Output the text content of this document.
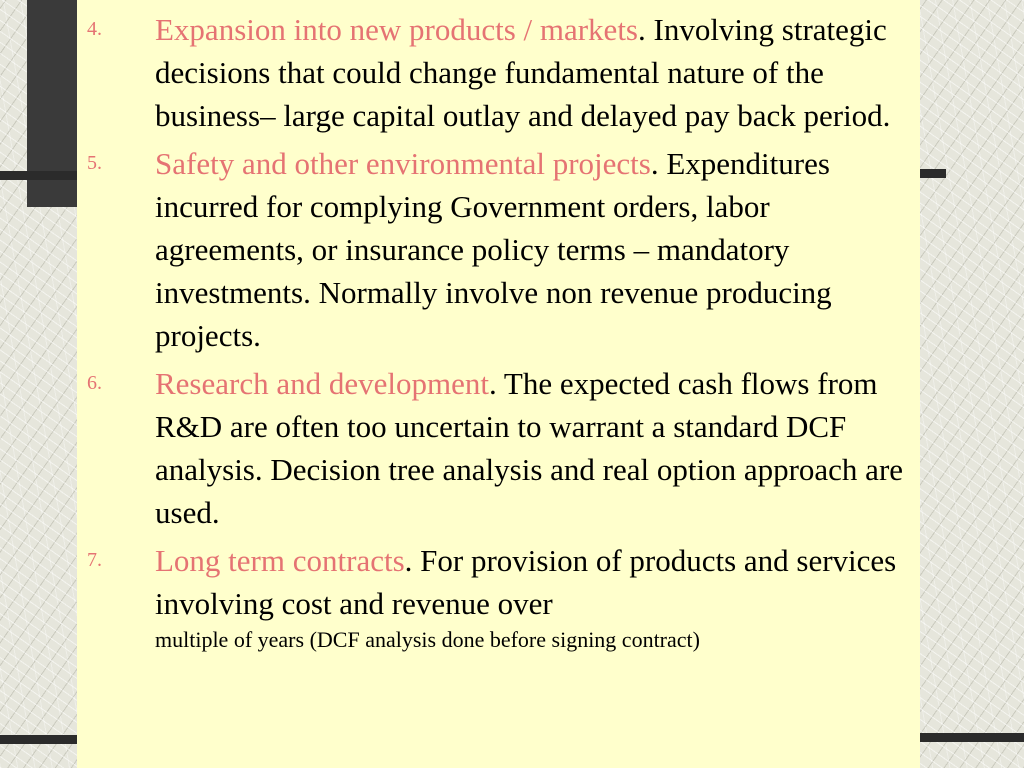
4. Expansion into new products / markets. Involving strategic decisions that could change fundamental nature of the business– large capital outlay and delayed pay back period.
5. Safety and other environmental projects. Expenditures incurred for complying Government orders, labor agreements, or insurance policy terms – mandatory investments. Normally involve non revenue producing projects.
6. Research and development. The expected cash flows from R&D are often too uncertain to warrant a standard DCF analysis. Decision tree analysis and real option approach are used.
7. Long term contracts. For provision of products and services involving cost and revenue over
multiple of years (DCF analysis done before signing contract)
